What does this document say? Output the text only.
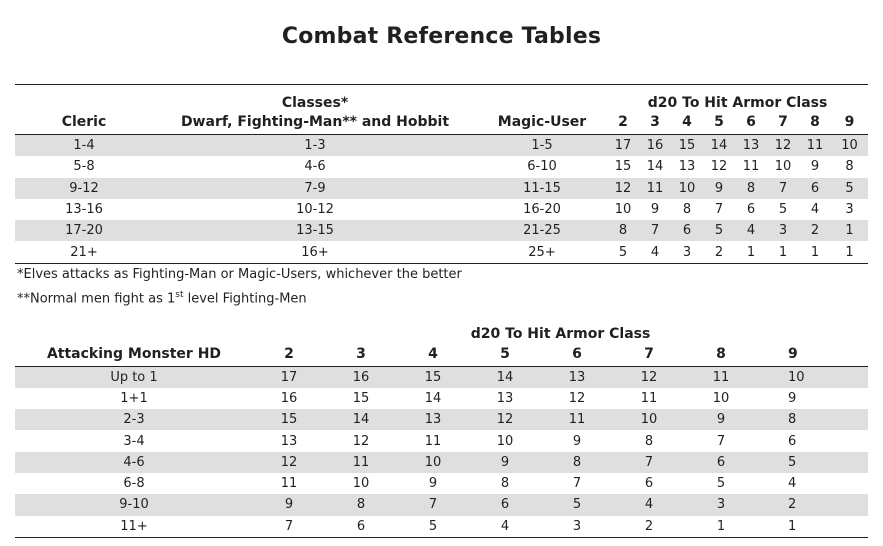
Combat Reference Tables
	Classes*		d20 To Hit Armor Class							
Cleric	Dwarf, Fighting-Man** and Hobbit	Magic-User	2	3	4	5	6	7	8	9
1-4	1-3	1-5	17	16	15	14	13	12	11	10
5-8	4-6	6-10	15	14	13	12	11	10	9	8
9-12	7-9	11-15	12	11	10	9	8	7	6	5
13-16	10-12	16-20	10	9	8	7	6	5	4	3
17-20	13-15	21-25	8	7	6	5	4	3	2	1
21+	16+	25+	5	4	3	2	1	1	1	1
*Elves attacks as Fighting-Man or Magic-Users, whichever the better
**Normal men fight as 1st level Fighting-Men
	d20 To Hit Armor Class							
Attacking Monster HD	2	3	4	5	6	7	8	9
Up to 1	17	16	15	14	13	12	11	10
1+1	16	15	14	13	12	11	10	9
2-3	15	14	13	12	11	10	9	8
3-4	13	12	11	10	9	8	7	6
4-6	12	11	10	9	8	7	6	5
6-8	11	10	9	8	7	6	5	4
9-10	9	8	7	6	5	4	3	2
11+	7	6	5	4	3	2	1	1
